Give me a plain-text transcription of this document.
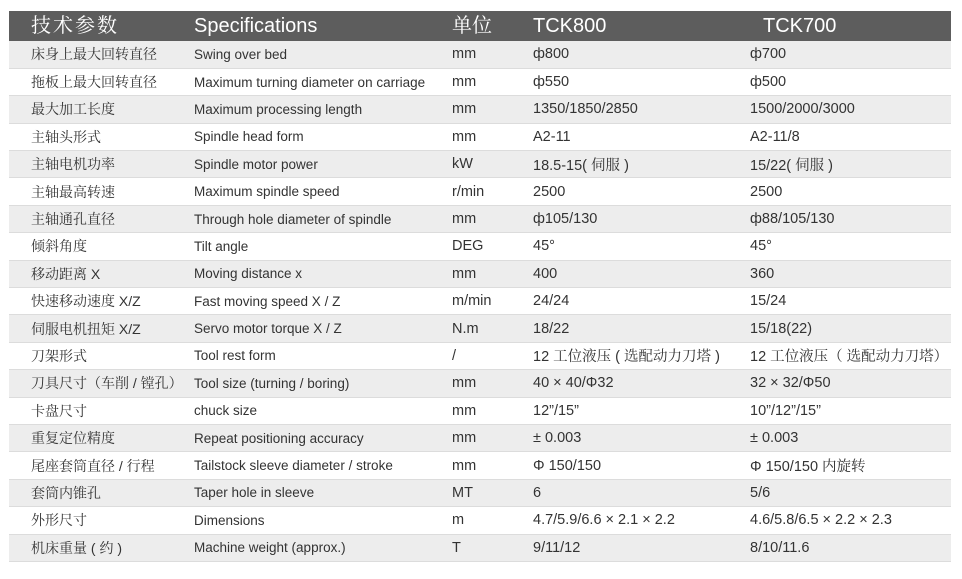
技术参数	Specifications	单位	TCK800	TCK700
床身上最大回转直径	Swing over bed	mm	ф800	ф700
拖板上最大回转直径	Maximum turning diameter on carriage	mm	ф550	ф500
最大加工长度	Maximum processing length	mm	1350/1850/2850	1500/2000/3000
主轴头形式	Spindle head form	mm	A2-11	A2-11/8
主轴电机功率	Spindle motor power	kW	18.5-15( 伺服 )	15/22( 伺服 )
主轴最高转速	Maximum spindle speed	r/min	2500	2500
主轴通孔直径	Through hole diameter of spindle	mm	ф105/130	ф88/105/130
倾斜角度	Tilt angle	DEG	45°	45°
移动距离 X	Moving distance x	mm	400	360
快速移动速度 X/Z	Fast moving speed X / Z	m/min	24/24	15/24
伺服电机扭矩 X/Z	Servo motor torque X / Z	N.m	18/22	15/18(22)
刀架形式	Tool rest form	/	12 工位液压 ( 选配动力刀塔 )	12 工位液压（ 选配动力刀塔）
刀具尺寸（车削 / 镗孔）	Tool size (turning / boring)	mm	40 × 40/Φ32	32 × 32/Φ50
卡盘尺寸	chuck size	mm	12”/15”	10”/12”/15”
重复定位精度	Repeat positioning accuracy	mm	± 0.003	± 0.003
尾座套筒直径 / 行程	Tailstock sleeve diameter / stroke	mm	Φ 150/150	Φ 150/150 内旋转
套筒内锥孔	Taper hole in sleeve	MT	6	5/6
外形尺寸	Dimensions	m	4.7/5.9/6.6 × 2.1 × 2.2	4.6/5.8/6.5 × 2.2 × 2.3
机床重量 ( 约 )	Machine weight (approx.)	T	9/11/12	8/10/11.6
